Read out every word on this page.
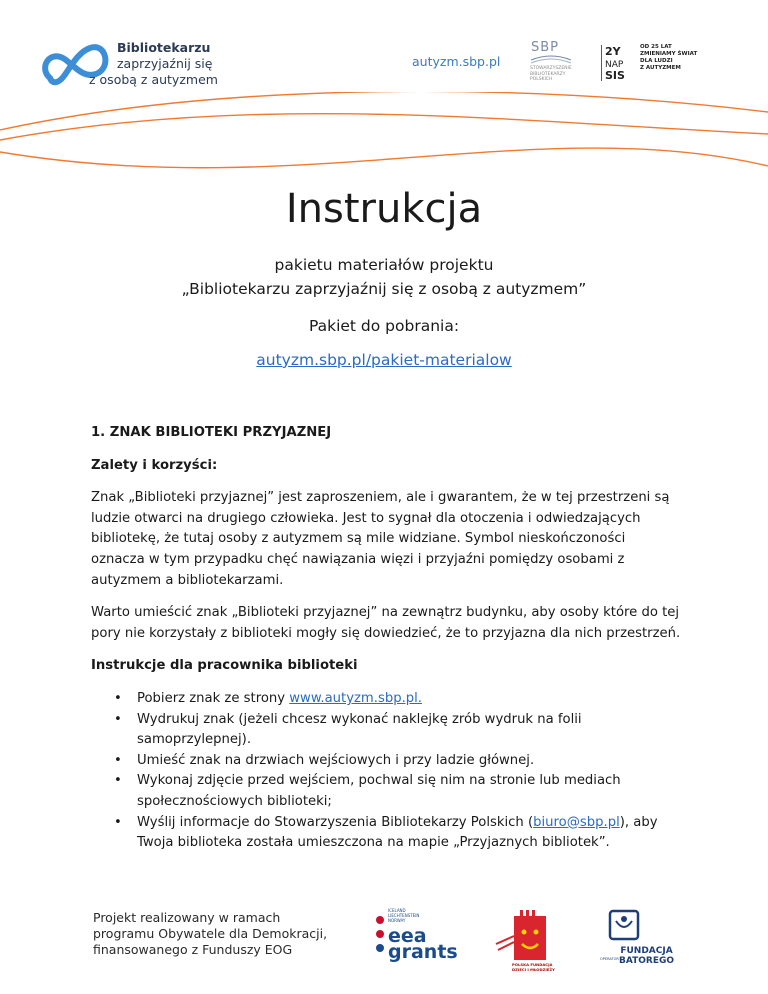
Bibliotekarzu
zaprzyjaźnij się
z osobą z autyzmem
autyzm.sbp.pl
SBP
STOWARZYSZENIE BIBLIOTEKARZY POLSKICH
2Y
NAP
SIS
OD 25 LAT
ZMIENIAMY ŚWIAT
DLA LUDZI
Z AUTYZMEM
Instrukcja
pakietu materiałów projektu
„Bibliotekarzu zaprzyjaźnij się z osobą z autyzmem”
Pakiet do pobrania:
autyzm.sbp.pl/pakiet-materialow
1. ZNAK BIBLIOTEKI PRZYJAZNEJ
Zalety i korzyści:
Znak „Biblioteki przyjaznej” jest zaproszeniem, ale i gwarantem, że w tej przestrzeni są ludzie otwarci na drugiego człowieka. Jest to sygnał dla otoczenia i odwiedzających bibliotekę, że tutaj osoby z autyzmem są mile widziane. Symbol nieskończoności oznacza w tym przypadku chęć nawiązania więzi i przyjaźni pomiędzy osobami z autyzmem a bibliotekarzami.
Warto umieścić znak „Biblioteki przyjaznej” na zewnątrz budynku, aby osoby które do tej pory nie korzystały z biblioteki mogły się dowiedzieć, że to przyjazna dla nich przestrzeń.
Instrukcje dla pracownika biblioteki
• Pobierz znak ze strony www.autyzm.sbp.pl.
• Wydrukuj znak (jeżeli chcesz wykonać naklejkę zrób wydruk na folii samoprzylepnej).
• Umieść znak na drzwiach wejściowych i przy ladzie głównej.
• Wykonaj zdjęcie przed wejściem, pochwal się nim na stronie lub mediach społecznościowych biblioteki;
• Wyślij informacje do Stowarzyszenia Bibliotekarzy Polskich (biuro@sbp.pl), aby Twoja biblioteka została umieszczona na mapie „Przyjaznych bibliotek”.
Projekt realizowany w ramach
programu Obywatele dla Demokracji,
finansowanego z Funduszy EOG
ICELAND LIECHTENSTEIN NORWAY
eea
grants
POLSKA FUNDACJA DZIECI I MŁODZIEŻY
FUNDACJA
BATOREGO
OPERATOR
